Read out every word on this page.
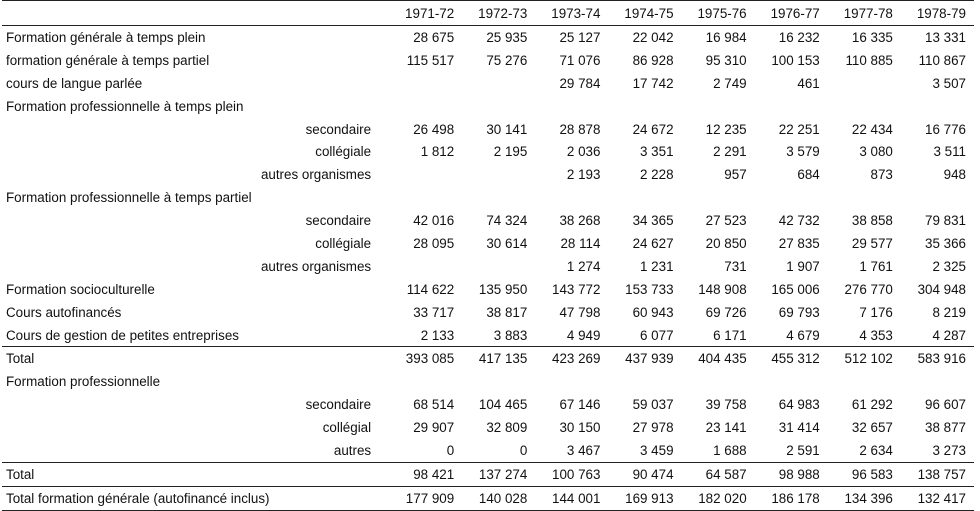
	1971-72	1972-73	1973-74	1974-75	1975-76	1976-77	1977-78	1978-79
Formation générale à temps plein	28 675	25 935	25 127	22 042	16 984	16 232	16 335	13 331
formation générale à temps partiel	115 517	75 276	71 076	86 928	95 310	100 153	110 885	110 867
cours de langue parlée			29 784	17 742	2 749	461		3 507
Formation professionnelle à temps plein								
secondaire	26 498	30 141	28 878	24 672	12 235	22 251	22 434	16 776
collégiale	1 812	2 195	2 036	3 351	2 291	3 579	3 080	3 511
autres organismes			2 193	2 228	957	684	873	948
Formation professionnelle à temps partiel								
secondaire	42 016	74 324	38 268	34 365	27 523	42 732	38 858	79 831
collégiale	28 095	30 614	28 114	24 627	20 850	27 835	29 577	35 366
autres organismes			1 274	1 231	731	1 907	1 761	2 325
Formation socioculturelle	114 622	135 950	143 772	153 733	148 908	165 006	276 770	304 948
Cours autofinancés	33 717	38 817	47 798	60 943	69 726	69 793	7 176	8 219
Cours de gestion de petites entreprises	2 133	3 883	4 949	6 077	6 171	4 679	4 353	4 287
Total	393 085	417 135	423 269	437 939	404 435	455 312	512 102	583 916
Formation professionnelle								
secondaire	68 514	104 465	67 146	59 037	39 758	64 983	61 292	96 607
collégial	29 907	32 809	30 150	27 978	23 141	31 414	32 657	38 877
autres	0	0	3 467	3 459	1 688	2 591	2 634	3 273
Total	98 421	137 274	100 763	90 474	64 587	98 988	96 583	138 757
Total formation générale (autofinancé inclus)	177 909	140 028	144 001	169 913	182 020	186 178	134 396	132 417
